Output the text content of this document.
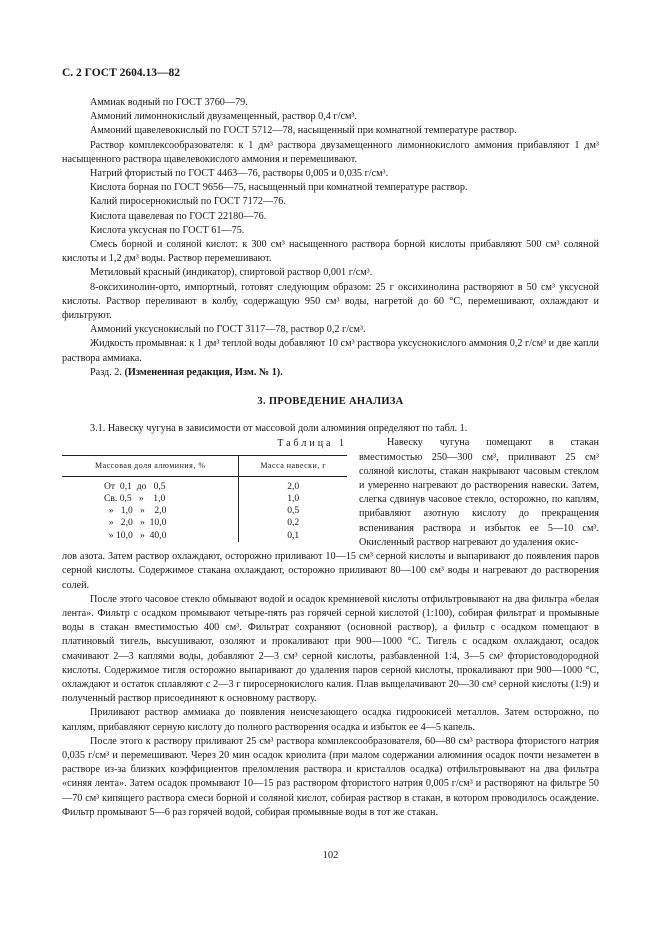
С. 2 ГОСТ 2604.13—82

Аммиак водный по ГОСТ 3760—79.

Аммоний лимоннокислый двузамещенный, раствор 0,4 г/см³.

Аммоний щавелевокислый по ГОСТ 5712—78, насыщенный при комнатной температуре раствор.

Раствор комплексообразователя: к 1 дм³ раствора двузамещенного лимоннокислого аммония прибавляют 1 дм³ насыщенного раствора щавелевокислого аммония и перемешивают.

Натрий фтористый по ГОСТ 4463—76, растворы 0,005 и 0,035 г/см³.

Кислота борная по ГОСТ 9656—75, насыщенный при комнатной температуре раствор.

Калий пиросернокислый по ГОСТ 7172—76.

Кислота щавелевая по ГОСТ 22180—76.

Кислота уксусная по ГОСТ 61—75.

Смесь борной и соляной кислот: к 300 см³ насыщенного раствора борной кислоты прибавляют 500 см³ соляной кислоты и 1,2 дм³ воды. Раствор перемешивают.

Метиловый красный (индикатор), спиртовой раствор 0,001 г/см³.

8-оксихинолин-орто, импортный, готовят следующим образом: 25 г оксихинолина растворяют в 50 см³ уксусной кислоты. Раствор переливают в колбу, содержащую 950 см³ воды, нагретой до 60 °С, перемешивают, охлаждают и фильтруют.

Аммоний уксуснокислый по ГОСТ 3117—78, раствор 0,2 г/см³.

Жидкость промывная: к 1 дм³ теплой воды добавляют 10 см³ раствора уксуснокислого аммония 0,2 г/см³ и две капли раствора аммиака.

Разд. 2. (Измененная редакция, Изм. № 1).

3. ПРОВЕДЕНИЕ АНАЛИЗА

3.1. Навеску чугуна в зависимости от массовой доли алюминия определяют по табл. 1.

Таблица 1
Массовая доля алюминия, %	Масса навески, г
От  0,1  до   0,5	2,0
Св. 0,5   »    1,0	1,0
»   1,0   »    2,0	0,5
»   2,0   »  10,0	0,2
» 10,0   »  40,0	0,1

Навеску чугуна помещают в стакан вместимостью 250—300 см³, приливают 25 см³ соляной кислоты, стакан накрывают часовым стеклом и умеренно нагревают до растворения навески. Затем, слегка сдвинув часовое стекло, осторожно, по каплям, прибавляют азотную кислоту до прекращения вспенивания раствора и избыток ее 5—10 см³. Окисленный раствор нагревают до удаления окис-

лов азота. Затем раствор охлаждают, осторожно приливают 10—15 см³ серной кислоты и выпаривают до появления паров серной кислоты. Содержимое стакана охлаждают, осторожно приливают 80—100 см³ воды и нагревают до растворения солей.

После этого часовое стекло обмывают водой и осадок кремниевой кислоты отфильтровывают на два фильтра «белая лента». Фильтр с осадком промывают четыре-пять раз горячей серной кислотой (1:100), собирая фильтрат и промывные воды в стакан вместимостью 400 см³. Фильтрат сохраняют (основной раствор), а фильтр с осадком помещают в платиновый тигель, высушивают, озоляют и прокаливают при 900—1000 °С. Тигель с осадком охлаждают, осадок смачивают 2—3 каплями воды, добавляют 2—3 см³ серной кислоты, разбавленной 1:4, 3—5 см³ фтористоводородной кислоты. Содержимое тигля осторожно выпаривают до удаления паров серной кислоты, прокаливают при 900—1000 °С, охлаждают и остаток сплавляют с 2—3 г пиросернокислого калия. Плав выщелачивают 20—30 см³ серной кислоты (1:9) и полученный раствор присоединяют к основному раствору.

Приливают раствор аммиака до появления неисчезающего осадка гидроокисей металлов. Затем осторожно, по каплям, прибавляют серную кислоту до полного растворения осадка и избыток ее 4—5 капель.

После этого к раствору приливают 25 см³ раствора комплексообразователя, 60—80 см³ раствора фтористого натрия 0,035 г/см³ и перемешивают. Через 20 мин осадок криолита (при малом содержании алюминия осадок почти незаметен в растворе из-за близких коэффициентов преломления раствора и кристаллов осадка) отфильтровывают на два фильтра «синяя лента». Затем осадок промывают 10—15 раз раствором фтористого натрия 0,005 г/см³ и растворяют на фильтре 50—70 см³ кипящего раствора смеси борной и соляной кислот, собирая раствор в стакан, в котором проводилось осаждение. Фильтр промывают 5—6 раз горячей водой, собирая промывные воды в тот же стакан.

102
